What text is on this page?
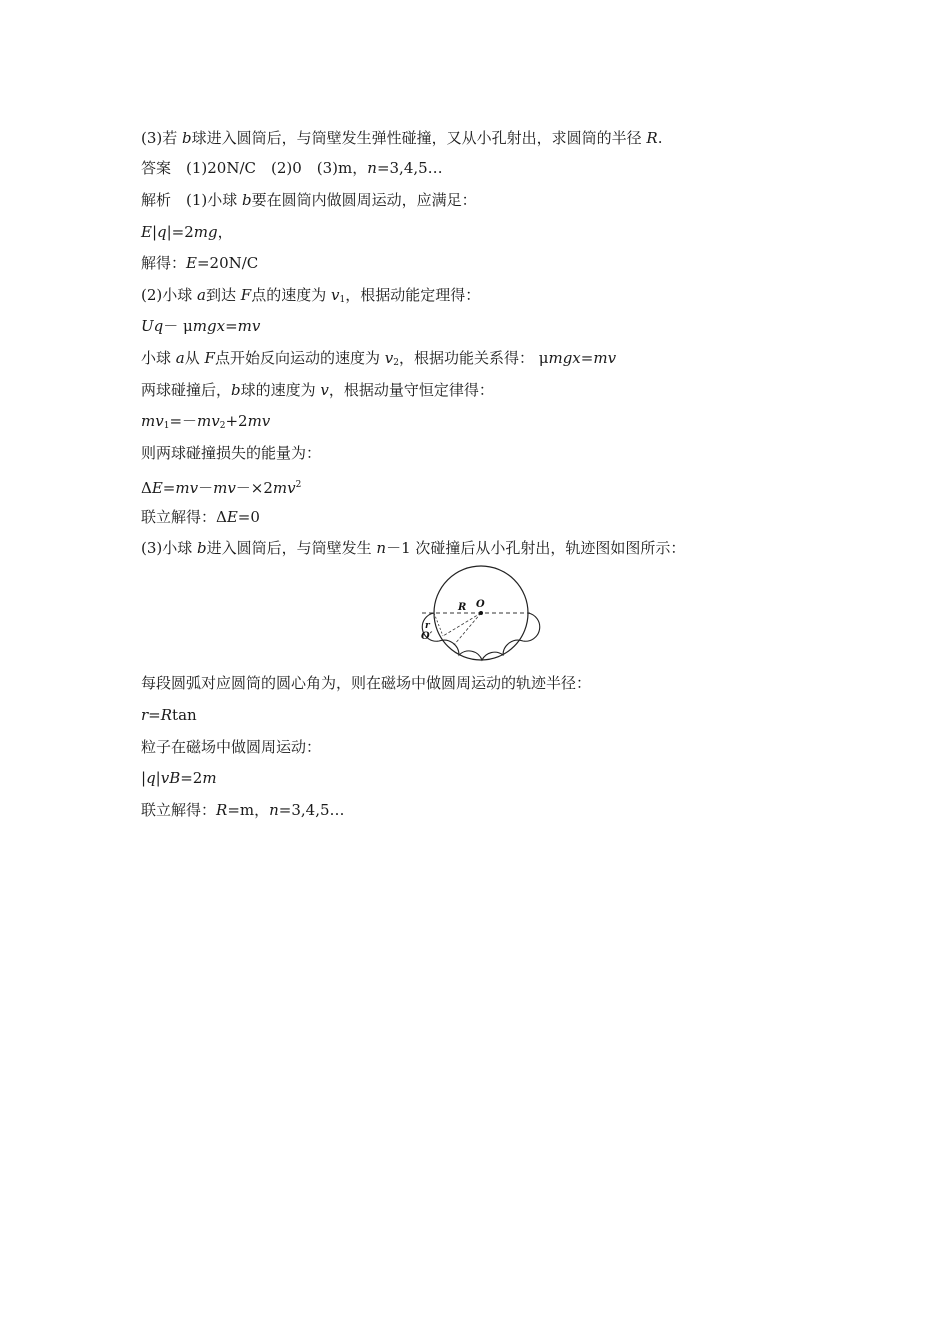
(3)若 b球进入圆筒后，与筒壁发生弹性碰撞，又从小孔射出，求圆筒的半径 R.
答案　(1)20N/C　(2)0　(3)m，n=3,4,5…
解析　(1)小球 b要在圆筒内做圆周运动，应满足：
E|q|=2mg，
解得：E=20N/C
(2)小球 a到达 F点的速度为 $v_1$，根据动能定理得：
Uq－ μmgx=mv
小球 a从 F点开始反向运动的速度为 $v_2$，根据功能关系得： μmgx=mv
两球碰撞后，b球的速度为 v，根据动量守恒定律得：
$mv_1=-mv_2+2mv$
则两球碰撞损失的能量为：
$\Delta E=mv-mv-\times 2mv^2$
联立解得：ΔE=0
(3)小球 b进入圆筒后，与筒壁发生 n－1 次碰撞后从小孔射出，轨迹图如图所示：
R O
r
O′
每段圆弧对应圆筒的圆心角为，则在磁场中做圆周运动的轨迹半径：
r=Rtan
粒子在磁场中做圆周运动：
|q|vB=2m
联立解得：R=m，n=3,4,5…
